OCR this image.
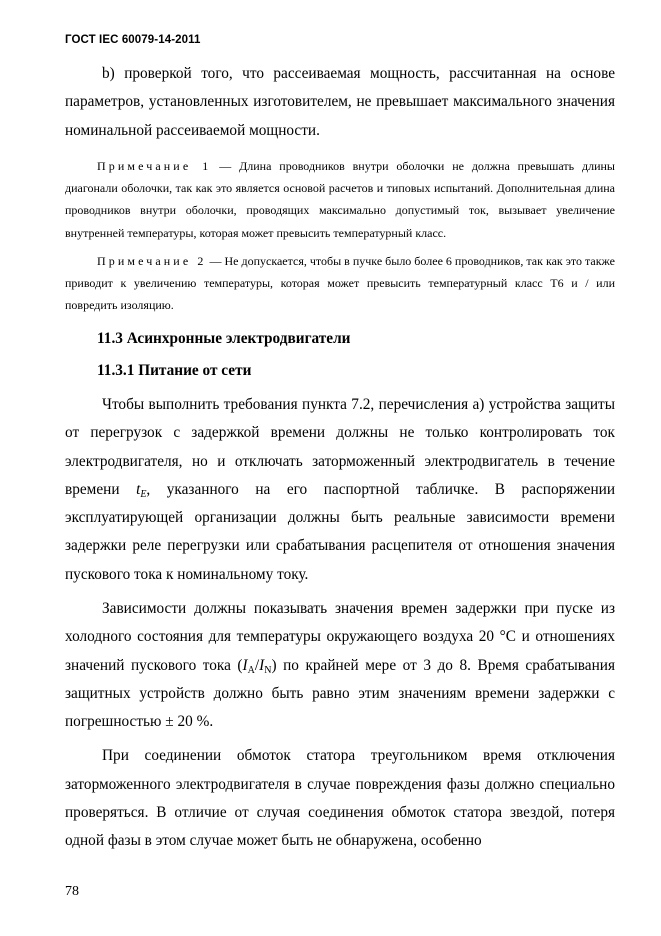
ГОСТ IEC 60079-14-2011

b) проверкой того, что рассеиваемая мощность, рассчитанная на основе параметров, установленных изготовителем, не превышает максимального значения номинальной рассеиваемой мощности.

Примечание 1 — Длина проводников внутри оболочки не должна превышать длины диагонали оболочки, так как это является основой расчетов и типовых испытаний. Дополнительная длина проводников внутри оболочки, проводящих максимально допустимый ток, вызывает увеличение внутренней температуры, которая может превысить температурный класс.

Примечание 2 — Не допускается, чтобы в пучке было более 6 проводников, так как это также приводит к увеличению температуры, которая может превысить температурный класс Т6 и / или повредить изоляцию.

11.3 Асинхронные электродвигатели

11.3.1 Питание от сети

Чтобы выполнить требования пункта 7.2, перечисления а) устройства защиты от перегрузок с задержкой времени должны не только контролировать ток электродвигателя, но и отключать заторможенный электродвигатель в течение времени $t_E$, указанного на его паспортной табличке. В распоряжении эксплуатирующей организации должны быть реальные зависимости времени задержки реле перегрузки или срабатывания расцепителя от отношения значения пускового тока к номинальному току.

Зависимости должны показывать значения времен задержки при пуске из холодного состояния для температуры окружающего воздуха 20 °С и отношениях значений пускового тока $(I_A/I_N)$ по крайней мере от 3 до 8. Время срабатывания защитных устройств должно быть равно этим значениям времени задержки с погрешностью ± 20 %.

При соединении обмоток статора треугольником время отключения заторможенного электродвигателя в случае повреждения фазы должно специально проверяться. В отличие от случая соединения обмоток статора звездой, потеря одной фазы в этом случае может быть не обнаружена, особенно

78
